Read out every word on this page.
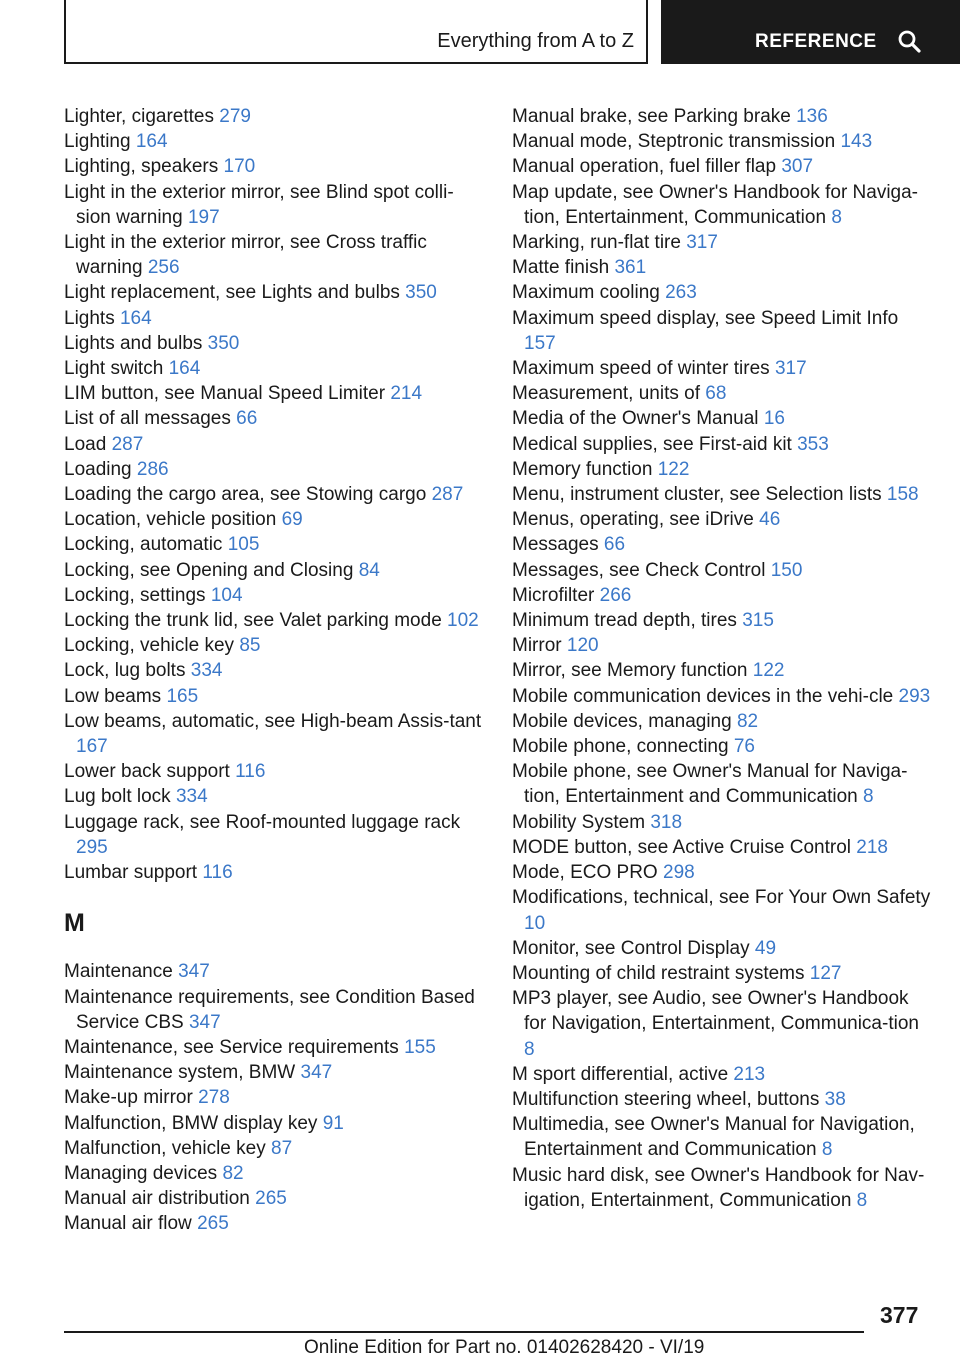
Everything from A to Z	REFERENCE

Lighter, cigarettes 279

Lighting 164

Lighting, speakers 170

Light in the exterior mirror, see Blind spot colli‐sion warning 197

Light in the exterior mirror, see Cross traffic warning 256

Light replacement, see Lights and bulbs 350

Lights 164

Lights and bulbs 350

Light switch 164

LIM button, see Manual Speed Limiter 214

List of all messages 66

Load 287

Loading 286

Loading the cargo area, see Stowing cargo 287

Location, vehicle position 69

Locking, automatic 105

Locking, see Opening and Closing 84

Locking, settings 104

Locking the trunk lid, see Valet parking mode 102

Locking, vehicle key 85

Lock, lug bolts 334

Low beams 165

Low beams, automatic, see High-beam Assis‐tant 167

Lower back support 116

Lug bolt lock 334

Luggage rack, see Roof-mounted luggage rack 295

Lumbar support 116

M

Maintenance 347

Maintenance requirements, see Condition Based Service CBS 347

Maintenance, see Service requirements 155

Maintenance system, BMW 347

Make-up mirror 278

Malfunction, BMW display key 91

Malfunction, vehicle key 87

Managing devices 82

Manual air distribution 265

Manual air flow 265

Manual brake, see Parking brake 136

Manual mode, Steptronic transmission 143

Manual operation, fuel filler flap 307

Map update, see Owner's Handbook for Naviga‐tion, Entertainment, Communication 8

Marking, run-flat tire 317

Matte finish 361

Maximum cooling 263

Maximum speed display, see Speed Limit Info 157

Maximum speed of winter tires 317

Measurement, units of 68

Media of the Owner's Manual 16

Medical supplies, see First-aid kit 353

Memory function 122

Menu, instrument cluster, see Selection lists 158

Menus, operating, see iDrive 46

Messages 66

Messages, see Check Control 150

Microfilter 266

Minimum tread depth, tires 315

Mirror 120

Mirror, see Memory function 122

Mobile communication devices in the vehi‐cle 293

Mobile devices, managing 82

Mobile phone, connecting 76

Mobile phone, see Owner's Manual for Naviga‐tion, Entertainment and Communication 8

Mobility System 318

MODE button, see Active Cruise Control 218

Mode, ECO PRO 298

Modifications, technical, see For Your Own Safety 10

Monitor, see Control Display 49

Mounting of child restraint systems 127

MP3 player, see Audio, see Owner's Handbook for Navigation, Entertainment, Communica‐tion 8

M sport differential, active 213

Multifunction steering wheel, buttons 38

Multimedia, see Owner's Manual for Navigation, Entertainment and Communication 8

Music hard disk, see Owner's Handbook for Nav‐igation, Entertainment, Communication 8

377
Online Edition for Part no. 01402628420 - VI/19
